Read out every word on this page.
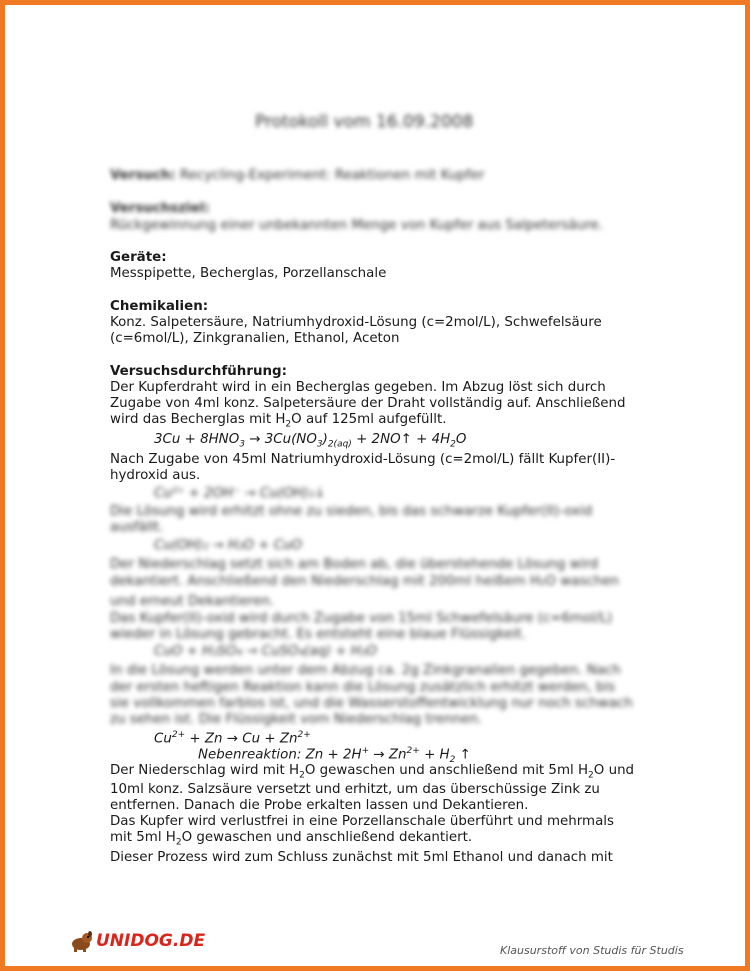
Protokoll vom 16.09.2008
Versuch: Recycling-Experiment: Reaktionen mit Kupfer
Versuchsziel:
Rückgewinnung einer unbekannten Menge von Kupfer aus Salpetersäure.
Geräte:
Messpipette, Becherglas, Porzellanschale
Chemikalien:
Konz. Salpetersäure, Natriumhydroxid-Lösung (c=2mol/L), Schwefelsäure
(c=6mol/L), Zinkgranalien, Ethanol, Aceton
Versuchsdurchführung:
Der Kupferdraht wird in ein Becherglas gegeben. Im Abzug löst sich durch
Zugabe von 4ml konz. Salpetersäure der Draht vollständig auf. Anschließend
wird das Becherglas mit $H_2O$ auf 125ml aufgefüllt.
$3Cu + 8HNO_3 \to 3Cu(NO_3)_{2(aq)}$ + 2NO↑ + $4H_2O$
Nach Zugabe von 45ml Natriumhydroxid-Lösung (c=2mol/L) fällt Kupfer(II)-
hydroxid aus.
Cu²⁺ + 2OH⁻ → Cu(OH)₂↓
Die Lösung wird erhitzt ohne zu sieden, bis das schwarze Kupfer(II)-oxid
ausfällt.
Cu(OH)₂ → H₂O + CuO
Der Niederschlag setzt sich am Boden ab, die überstehende Lösung wird
dekantiert. Anschließend den Niederschlag mit 200ml heißem H₂O waschen
und erneut Dekantieren.
Das Kupfer(II)-oxid wird durch Zugabe von 15ml Schwefelsäure (c=6mol/L)
wieder in Lösung gebracht. Es entsteht eine blaue Flüssigkeit.
CuO + H₂SO₄ → CuSO₄(aq) + H₂O
In die Lösung werden unter dem Abzug ca. 2g Zinkgranalien gegeben. Nach
der ersten heftigen Reaktion kann die Lösung zusätzlich erhitzt werden, bis
sie vollkommen farblos ist, und die Wasserstoffentwicklung nur noch schwach
zu sehen ist. Die Flüssigkeit vom Niederschlag trennen.
$Cu^{2+} + Zn \to Cu + Zn^{2+}$
Nebenreaktion: $Zn + 2H^+ \to Zn^{2+} + H_2$ ↑
Der Niederschlag wird mit $H_2O$ gewaschen und anschließend mit 5ml $H_2O$ und
10ml konz. Salzsäure versetzt und erhitzt, um das überschüssige Zink zu
entfernen. Danach die Probe erkalten lassen und Dekantieren.
Das Kupfer wird verlustfrei in eine Porzellanschale überführt und mehrmals
mit 5ml $H_2O$ gewaschen und anschließend dekantiert.
Dieser Prozess wird zum Schluss zunächst mit 5ml Ethanol und danach mit
UNIDOG.DE	Klausurstoff von Studis für Studis
